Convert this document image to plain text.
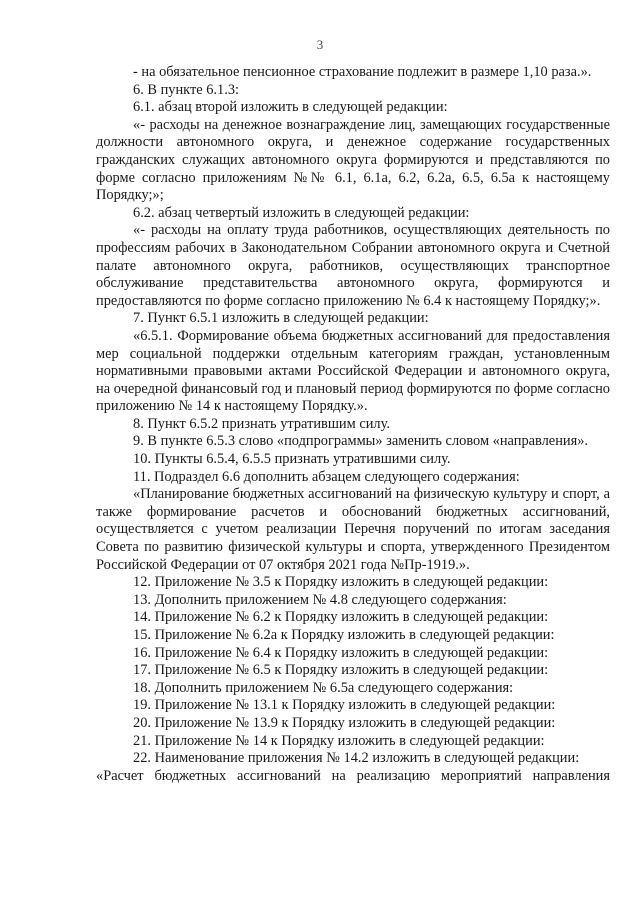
3

- на обязательное пенсионное страхование подлежит в размере 1,10 раза.».

6. В пункте 6.1.3:

6.1. абзац второй изложить в следующей редакции:

«- расходы на денежное вознаграждение лиц, замещающих государственные должности автономного округа, и денежное содержание государственных гражданских служащих автономного округа формируются и представляются по форме согласно приложениям №№ 6.1, 6.1а, 6.2, 6.2а, 6.5, 6.5а к настоящему Порядку;»;

6.2. абзац четвертый изложить в следующей редакции:

«- расходы на оплату труда работников, осуществляющих деятельность по профессиям рабочих в Законодательном Собрании автономного округа и Счетной палате автономного округа, работников, осуществляющих транспортное обслуживание представительства автономного округа, формируются и предоставляются по форме согласно приложению № 6.4 к настоящему Порядку;».

7. Пункт 6.5.1 изложить в следующей редакции:

«6.5.1. Формирование объема бюджетных ассигнований для предоставления мер социальной поддержки отдельным категориям граждан, установленным нормативными правовыми актами Российской Федерации и автономного округа, на очередной финансовый год и плановый период формируются по форме согласно приложению № 14 к настоящему Порядку.».

8. Пункт 6.5.2 признать утратившим силу.

9. В пункте 6.5.3 слово «подпрограммы» заменить словом «направления».

10. Пункты 6.5.4, 6.5.5 признать утратившими силу.

11. Подраздел 6.6 дополнить абзацем следующего содержания:

«Планирование бюджетных ассигнований на физическую культуру и спорт, а также формирование расчетов и обоснований бюджетных ассигнований, осуществляется с учетом реализации Перечня поручений по итогам заседания Совета по развитию физической культуры и спорта, утвержденного Президентом Российской Федерации от 07 октября 2021 года №Пр-1919.».

12. Приложение № 3.5 к Порядку изложить в следующей редакции:

13. Дополнить приложением № 4.8 следующего содержания:

14. Приложение № 6.2 к Порядку изложить в следующей редакции:

15. Приложение № 6.2а к Порядку изложить в следующей редакции:

16. Приложение № 6.4 к Порядку изложить в следующей редакции:

17. Приложение № 6.5 к Порядку изложить в следующей редакции:

18. Дополнить приложением № 6.5а следующего содержания:

19. Приложение № 13.1 к Порядку изложить в следующей редакции:

20. Приложение № 13.9 к Порядку изложить в следующей редакции:

21. Приложение № 14 к Порядку изложить в следующей редакции:

22. Наименование приложения № 14.2 изложить в следующей редакции:

«Расчет бюджетных ассигнований на реализацию мероприятий направления
